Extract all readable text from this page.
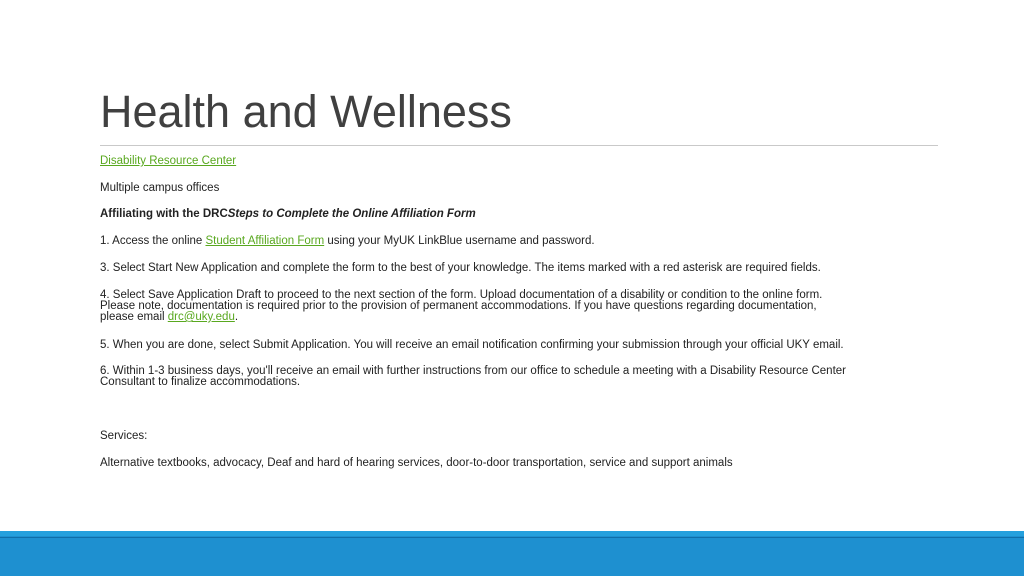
Health and Wellness

Disability Resource Center

Multiple campus offices

Affiliating with the DRCSteps to Complete the Online Affiliation Form

1. Access the online Student Affiliation Form using your MyUK LinkBlue username and password.

3. Select Start New Application and complete the form to the best of your knowledge. The items marked with a red asterisk are required fields.

4. Select Save Application Draft to proceed to the next section of the form. Upload documentation of a disability or condition to the online form.
Please note, documentation is required prior to the provision of permanent accommodations. If you have questions regarding documentation,
please email drc@uky.edu.

5. When you are done, select Submit Application. You will receive an email notification confirming your submission through your official UKY email.

6. Within 1-3 business days, you'll receive an email with further instructions from our office to schedule a meeting with a Disability Resource Center
Consultant to finalize accommodations.

Services:

Alternative textbooks, advocacy, Deaf and hard of hearing services, door-to-door transportation, service and support animals
